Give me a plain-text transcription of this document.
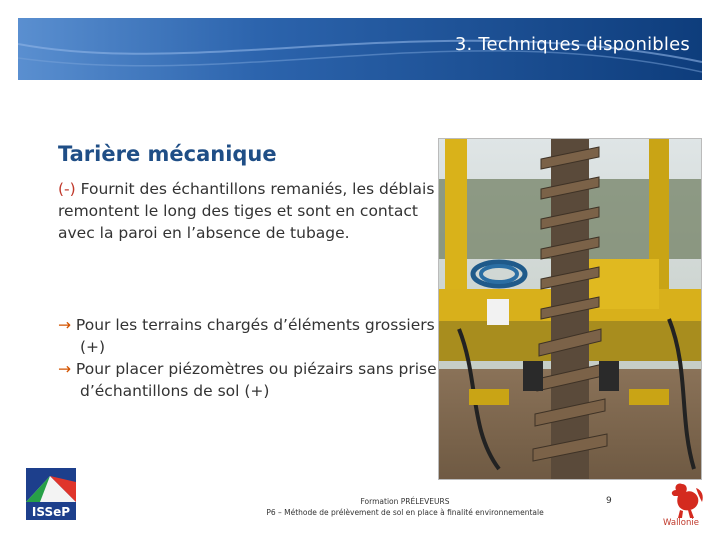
3. Techniques disponibles
Tarière mécanique
(-) Fournit des échantillons remaniés, les déblais remontent le long des tiges et sont en contact avec la paroi en l’absence de tubage.
→ Pour les terrains chargés d’éléments grossiers (+)
→ Pour placer piézomètres ou piézairs sans prise d’échantillons de sol (+)
ISSeP
Formation PRÉLEVEURS
P6 – Méthode de prélèvement de sol en place à finalité environnementale
9
Wallonie
